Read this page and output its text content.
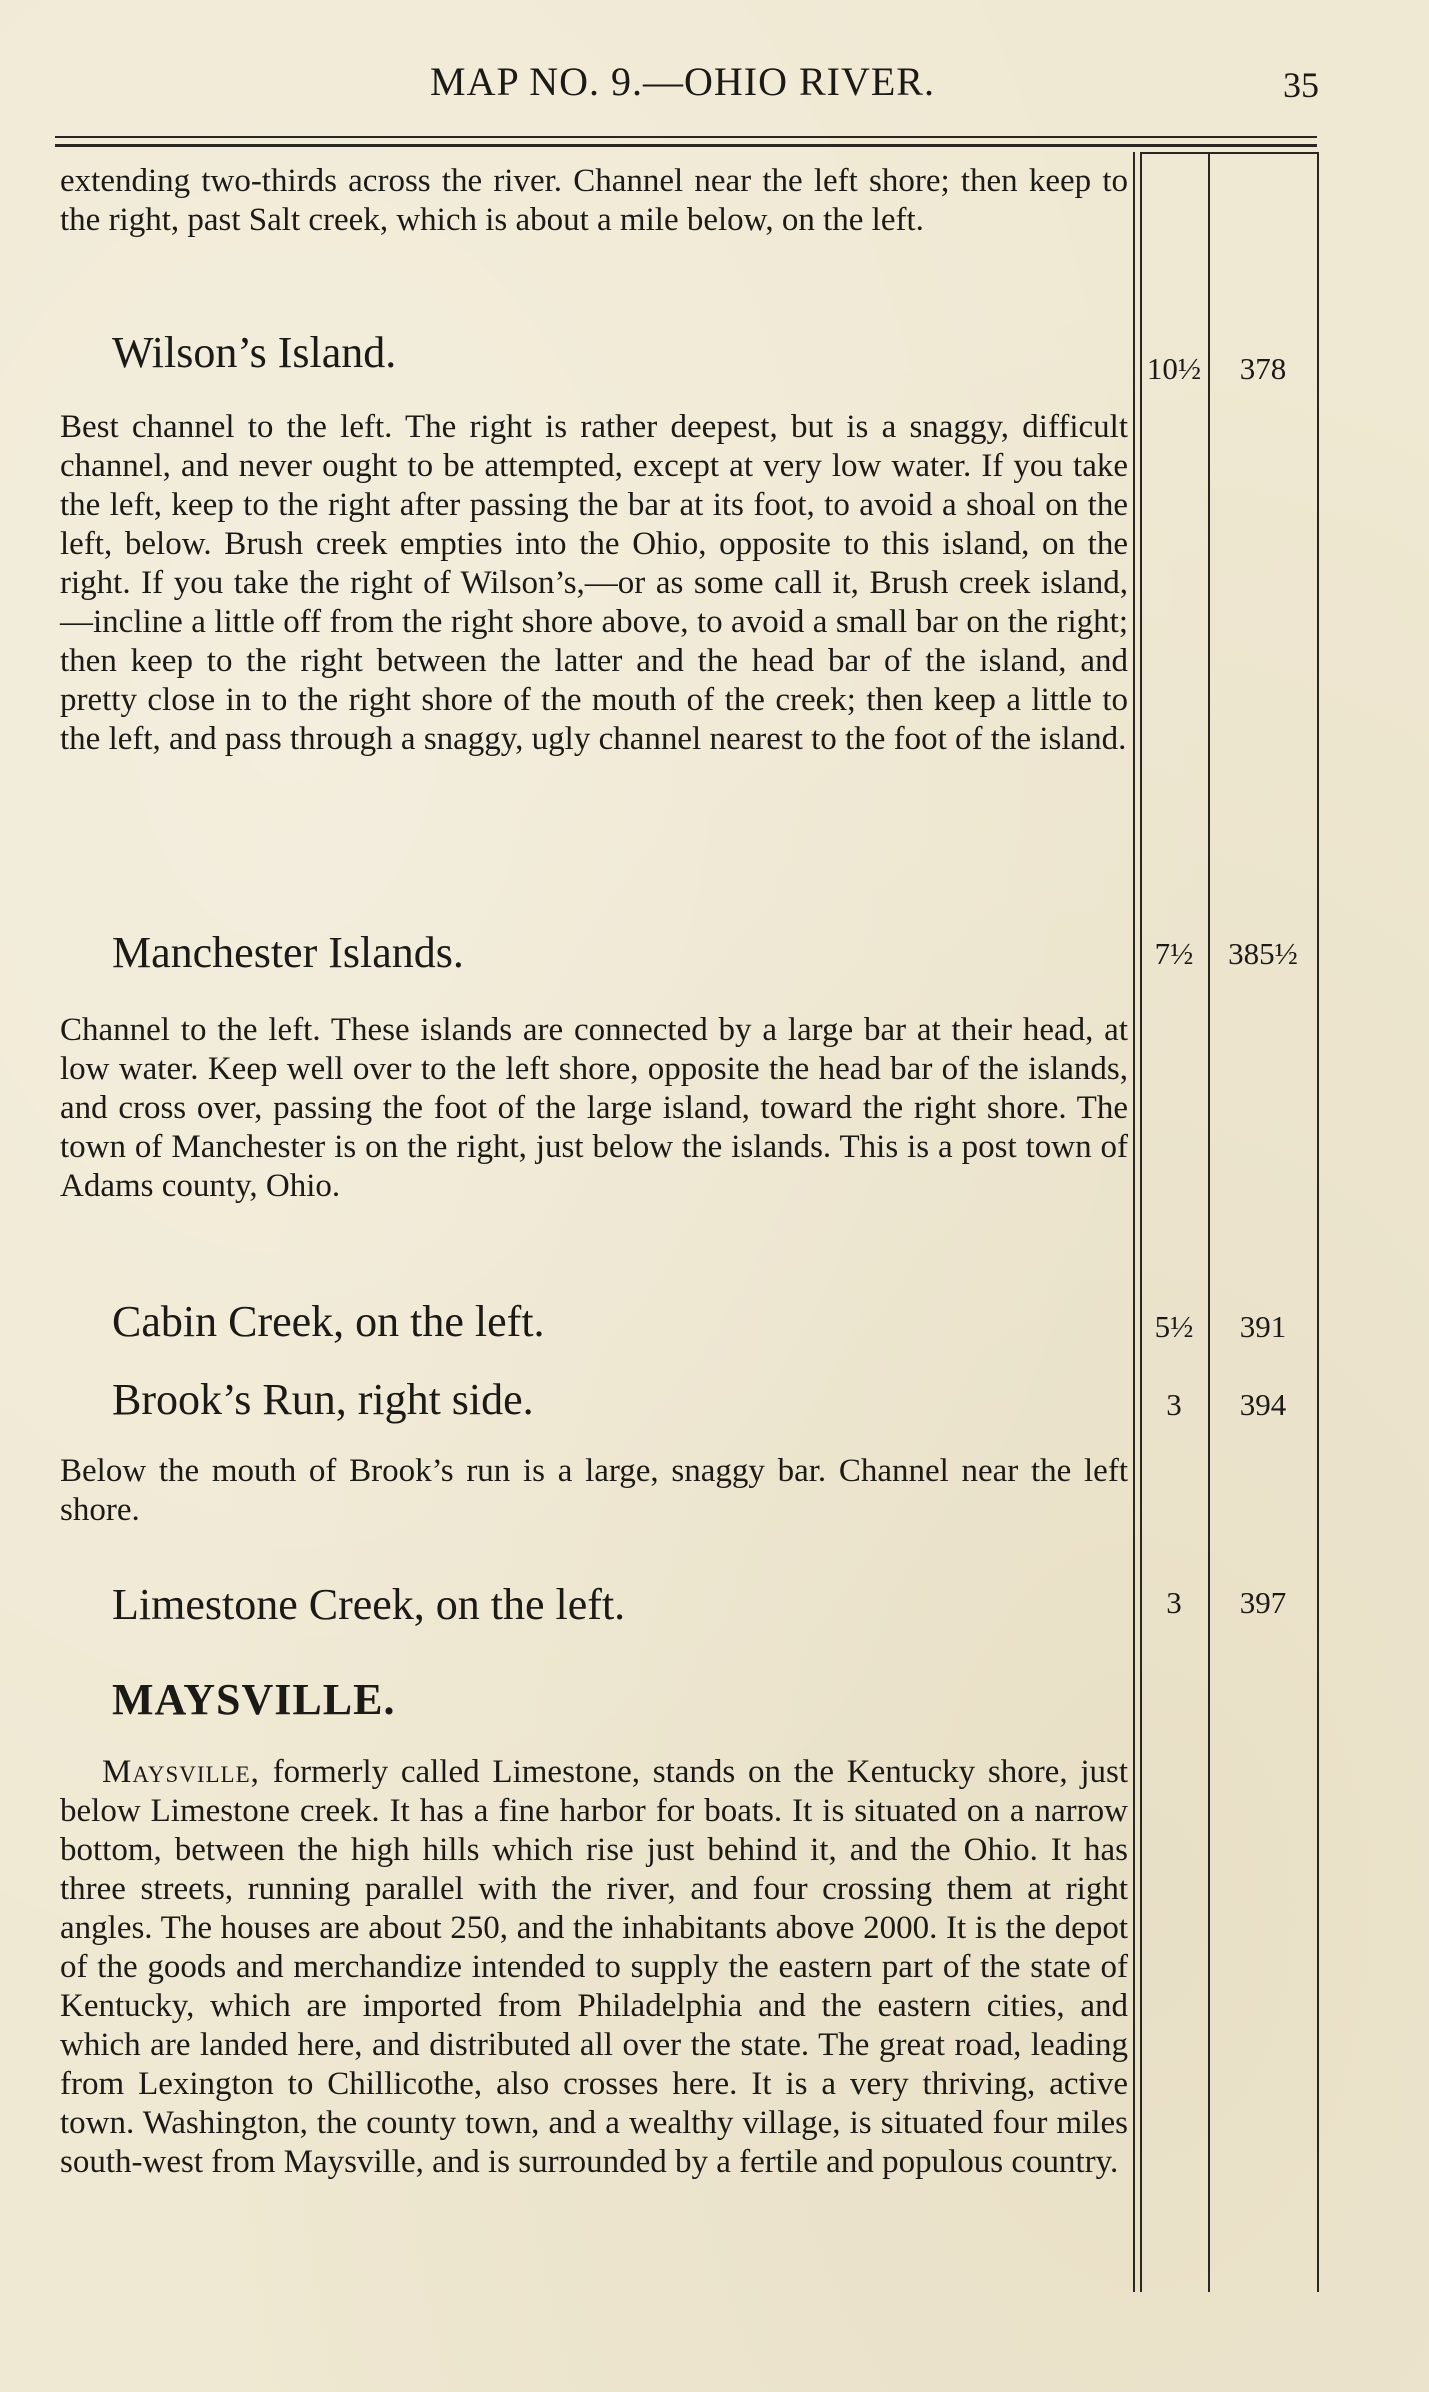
MAP NO. 9.—OHIO RIVER.	35
extending two-thirds across the river. Channel near the left shore; then keep to the right, past Salt creek, which is about a mile below, on the left.
Wilson’s Island.	10½	378
Best channel to the left. The right is rather deepest, but is a snaggy, difficult channel, and never ought to be attempted, except at very low water. If you take the left, keep to the right after passing the bar at its foot, to avoid a shoal on the left, below. Brush creek empties into the Ohio, opposite to this island, on the right. If you take the right of Wilson’s,—or as some call it, Brush creek island,—incline a little off from the right shore above, to avoid a small bar on the right; then keep to the right between the latter and the head bar of the island, and pretty close in to the right shore of the mouth of the creek; then keep a little to the left, and pass through a snaggy, ugly channel nearest to the foot of the island.
Manchester Islands.	7½	385½
Channel to the left. These islands are connected by a large bar at their head, at low water. Keep well over to the left shore, opposite the head bar of the islands, and cross over, passing the foot of the large island, toward the right shore. The town of Manchester is on the right, just below the islands. This is a post town of Adams county, Ohio.
Cabin Creek, on the left.	5½	391
Brook’s Run, right side.	3	394
Below the mouth of Brook’s run is a large, snaggy bar. Channel near the left shore.
Limestone Creek, on the left.	3	397
MAYSVILLE.
Maysville, formerly called Limestone, stands on the Kentucky shore, just below Limestone creek. It has a fine harbor for boats. It is situated on a narrow bottom, between the high hills which rise just behind it, and the Ohio. It has three streets, running parallel with the river, and four crossing them at right angles. The houses are about 250, and the inhabitants above 2000. It is the depot of the goods and merchandize intended to supply the eastern part of the state of Kentucky, which are imported from Philadelphia and the eastern cities, and which are landed here, and distributed all over the state. The great road, leading from Lexington to Chillicothe, also crosses here. It is a very thriving, active town. Washington, the county town, and a wealthy village, is situated four miles south-west from Maysville, and is surrounded by a fertile and populous country.
